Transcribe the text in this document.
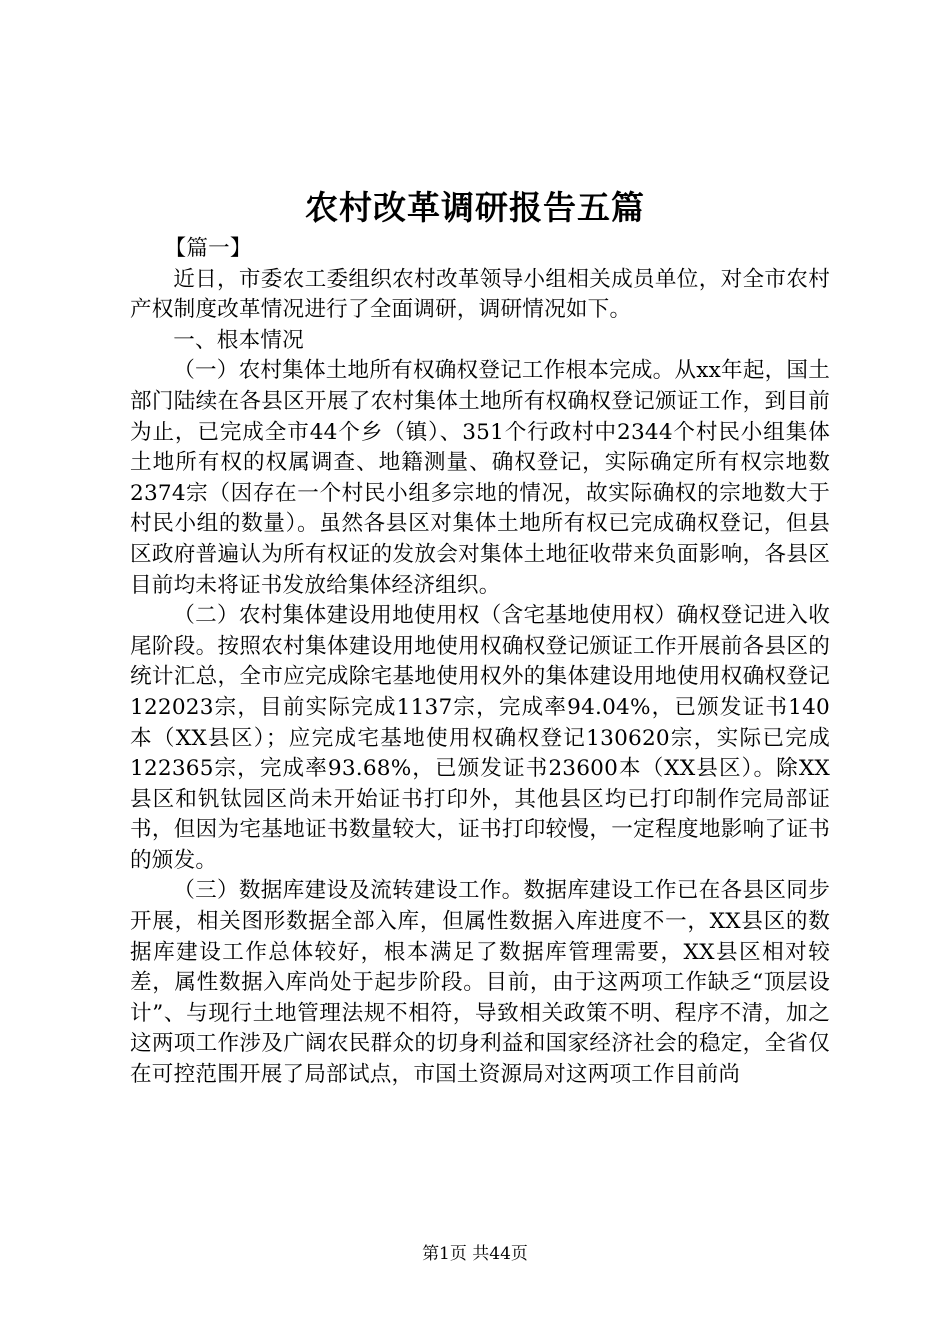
农村改革调研报告五篇

【篇一】

近日，市委农工委组织农村改革领导小组相关成员单位，对全市农村产权制度改革情况进行了全面调研，调研情况如下。

一、根本情况

（一）农村集体土地所有权确权登记工作根本完成。从xx年起，国土部门陆续在各县区开展了农村集体土地所有权确权登记颁证工作，到目前为止，已完成全市44个乡（镇）、351个行政村中2344个村民小组集体土地所有权的权属调查、地籍测量、确权登记，实际确定所有权宗地数2374宗（因存在一个村民小组多宗地的情况，故实际确权的宗地数大于村民小组的数量）。虽然各县区对集体土地所有权已完成确权登记，但县区政府普遍认为所有权证的发放会对集体土地征收带来负面影响，各县区目前均未将证书发放给集体经济组织。

（二）农村集体建设用地使用权（含宅基地使用权）确权登记进入收尾阶段。按照农村集体建设用地使用权确权登记颁证工作开展前各县区的统计汇总，全市应完成除宅基地使用权外的集体建设用地使用权确权登记122023宗，目前实际完成1137宗，完成率94.04%，已颁发证书140本（XX县区）；应完成宅基地使用权确权登记130620宗，实际已完成122365宗，完成率93.68%，已颁发证书23600本（XX县区）。除XX县区和钒钛园区尚未开始证书打印外，其他县区均已打印制作完局部证书，但因为宅基地证书数量较大，证书打印较慢，一定程度地影响了证书的颁发。

（三）数据库建设及流转建设工作。数据库建设工作已在各县区同步开展，相关图形数据全部入库，但属性数据入库进度不一，XX县区的数据库建设工作总体较好，根本满足了数据库管理需要，XX县区相对较差，属性数据入库尚处于起步阶段。目前，由于这两项工作缺乏“顶层设计”、与现行土地管理法规不相符，导致相关政策不明、程序不清，加之这两项工作涉及广阔农民群众的切身利益和国家经济社会的稳定，全省仅在可控范围开展了局部试点，市国土资源局对这两项工作目前尚

第1页 共44页
